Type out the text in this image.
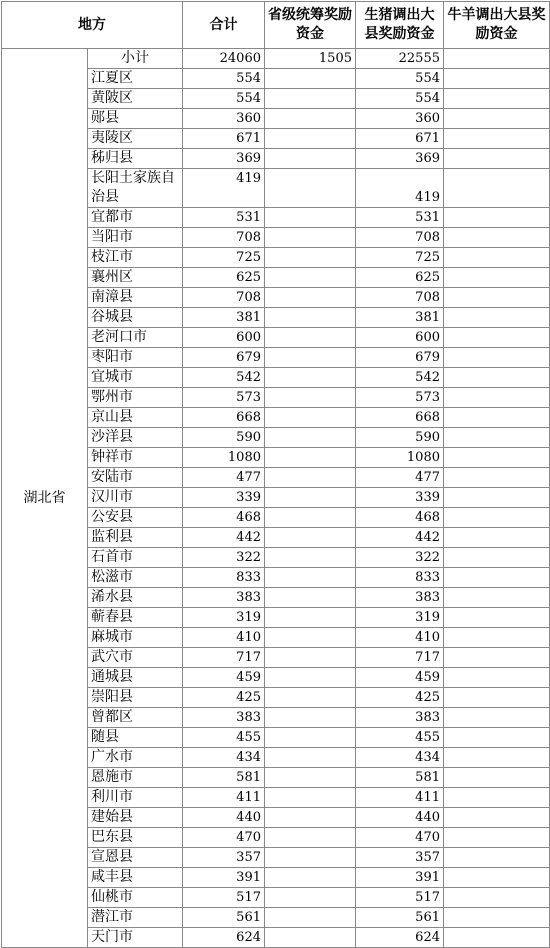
地方		合计	省级统筹奖励资金	生猪调出大县奖励资金	牛羊调出大县奖励资金
湖北省	小计	24060	1505	22555	
	江夏区	554		554	
	黄陂区	554		554	
	郧县	360		360	
	夷陵区	671		671	
	秭归县	369		369	
	长阳土家族自治县	419		419	
	宜都市	531		531	
	当阳市	708		708	
	枝江市	725		725	
	襄州区	625		625	
	南漳县	708		708	
	谷城县	381		381	
	老河口市	600		600	
	枣阳市	679		679	
	宜城市	542		542	
	鄂州市	573		573	
	京山县	668		668	
	沙洋县	590		590	
	钟祥市	1080		1080	
	安陆市	477		477	
	汉川市	339		339	
	公安县	468		468	
	监利县	442		442	
	石首市	322		322	
	松滋市	833		833	
	浠水县	383		383	
	蕲春县	319		319	
	麻城市	410		410	
	武穴市	717		717	
	通城县	459		459	
	崇阳县	425		425	
	曾都区	383		383	
	随县	455		455	
	广水市	434		434	
	恩施市	581		581	
	利川市	411		411	
	建始县	440		440	
	巴东县	470		470	
	宣恩县	357		357	
	咸丰县	391		391	
	仙桃市	517		517	
	潜江市	561		561	
	天门市	624		624	
